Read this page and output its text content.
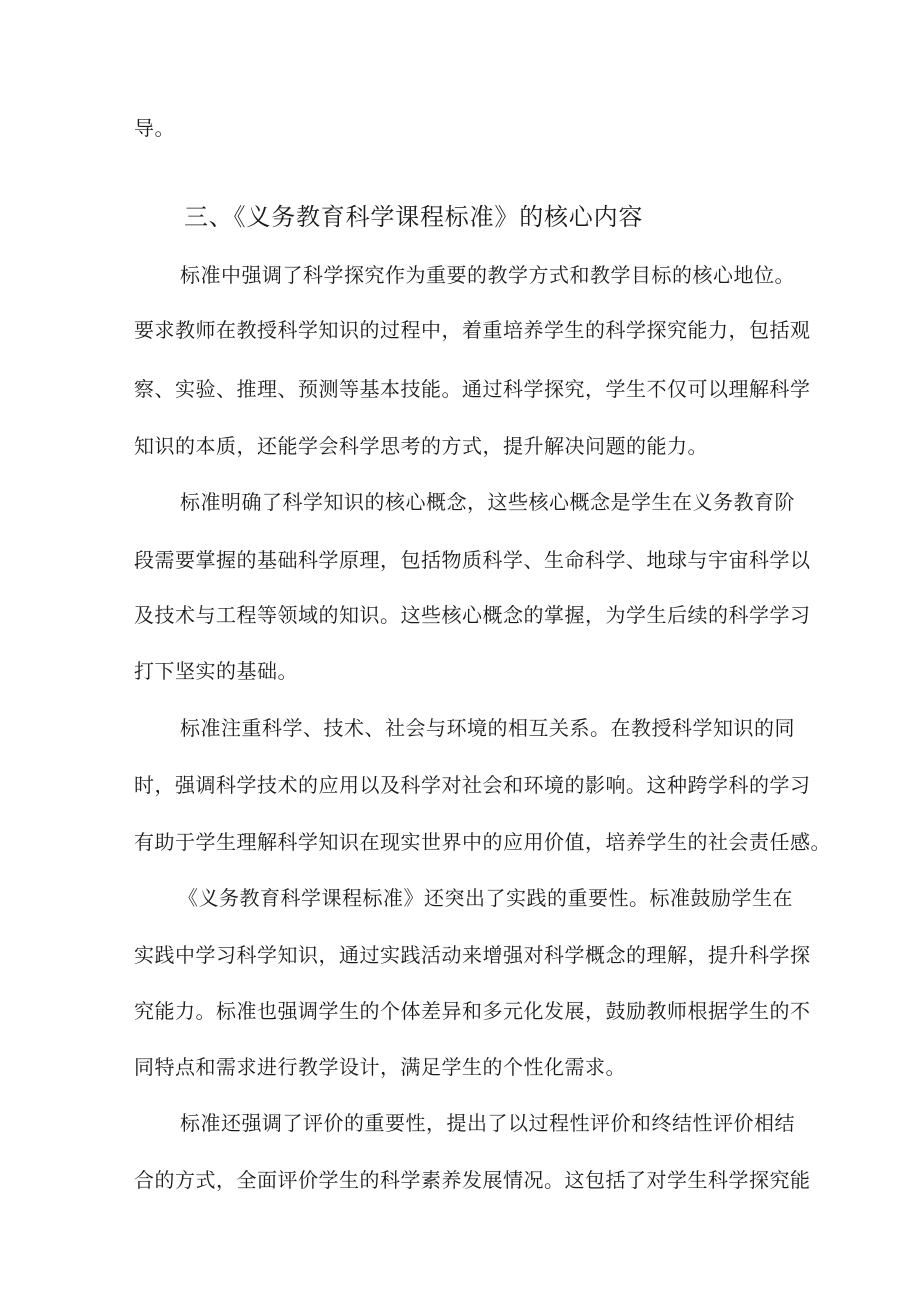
导。
三、《义务教育科学课程标准》的核心内容
标准中强调了科学探究作为重要的教学方式和教学目标的核心地位。
要求教师在教授科学知识的过程中，着重培养学生的科学探究能力，包括观
察、实验、推理、预测等基本技能。通过科学探究，学生不仅可以理解科学
知识的本质，还能学会科学思考的方式，提升解决问题的能力。
标准明确了科学知识的核心概念，这些核心概念是学生在义务教育阶
段需要掌握的基础科学原理，包括物质科学、生命科学、地球与宇宙科学以
及技术与工程等领域的知识。这些核心概念的掌握，为学生后续的科学学习
打下坚实的基础。
标准注重科学、技术、社会与环境的相互关系。在教授科学知识的同
时，强调科学技术的应用以及科学对社会和环境的影响。这种跨学科的学习
有助于学生理解科学知识在现实世界中的应用价值，培养学生的社会责任感。
《义务教育科学课程标准》还突出了实践的重要性。标准鼓励学生在
实践中学习科学知识，通过实践活动来增强对科学概念的理解，提升科学探
究能力。标准也强调学生的个体差异和多元化发展，鼓励教师根据学生的不
同特点和需求进行教学设计，满足学生的个性化需求。
标准还强调了评价的重要性，提出了以过程性评价和终结性评价相结
合的方式，全面评价学生的科学素养发展情况。这包括了对学生科学探究能
